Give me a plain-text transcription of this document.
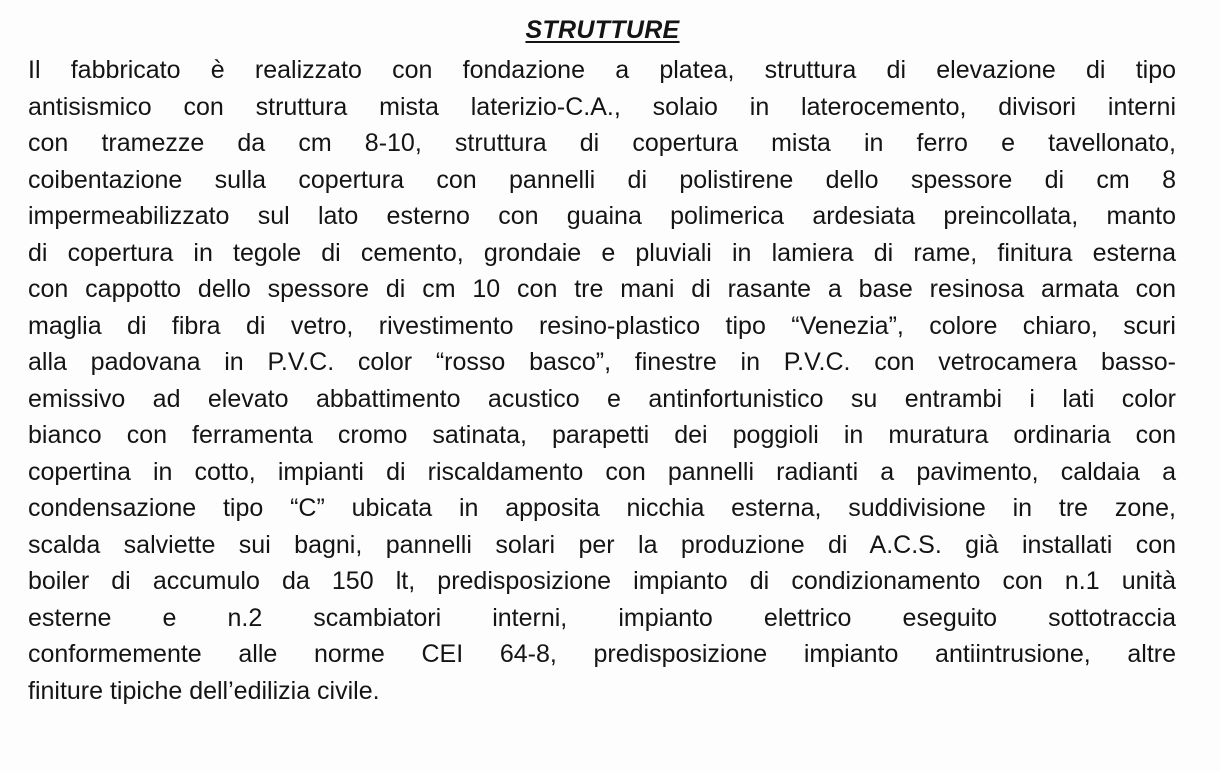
STRUTTURE
Il fabbricato è realizzato con fondazione a platea, struttura di elevazione di tipo
antisismico con struttura mista laterizio-C.A., solaio in laterocemento, divisori interni
con tramezze da cm 8-10, struttura di copertura mista in ferro e tavellonato,
coibentazione sulla copertura con pannelli di polistirene dello spessore di cm 8
impermeabilizzato sul lato esterno con guaina polimerica ardesiata preincollata, manto
di copertura in tegole di cemento, grondaie e pluviali in lamiera di rame, finitura esterna
con cappotto dello spessore di cm 10 con tre mani di rasante a base resinosa armata con
maglia di fibra di vetro, rivestimento resino-plastico tipo “Venezia”, colore chiaro, scuri
alla padovana in P.V.C. color “rosso basco”, finestre in P.V.C. con vetrocamera basso-
emissivo ad elevato abbattimento acustico e antinfortunistico su entrambi i lati color
bianco con ferramenta cromo satinata, parapetti dei poggioli in muratura ordinaria con
copertina in cotto, impianti di riscaldamento con pannelli radianti a pavimento, caldaia a
condensazione tipo “C” ubicata in apposita nicchia esterna, suddivisione in tre zone,
scalda salviette sui bagni, pannelli solari per la produzione di A.C.S. già installati con
boiler di accumulo da 150 lt, predisposizione impianto di condizionamento con n.1 unità
esterne e n.2 scambiatori interni, impianto elettrico eseguito sottotraccia
conformemente alle norme CEI 64-8, predisposizione impianto antiintrusione, altre
finiture tipiche dell’edilizia civile.
